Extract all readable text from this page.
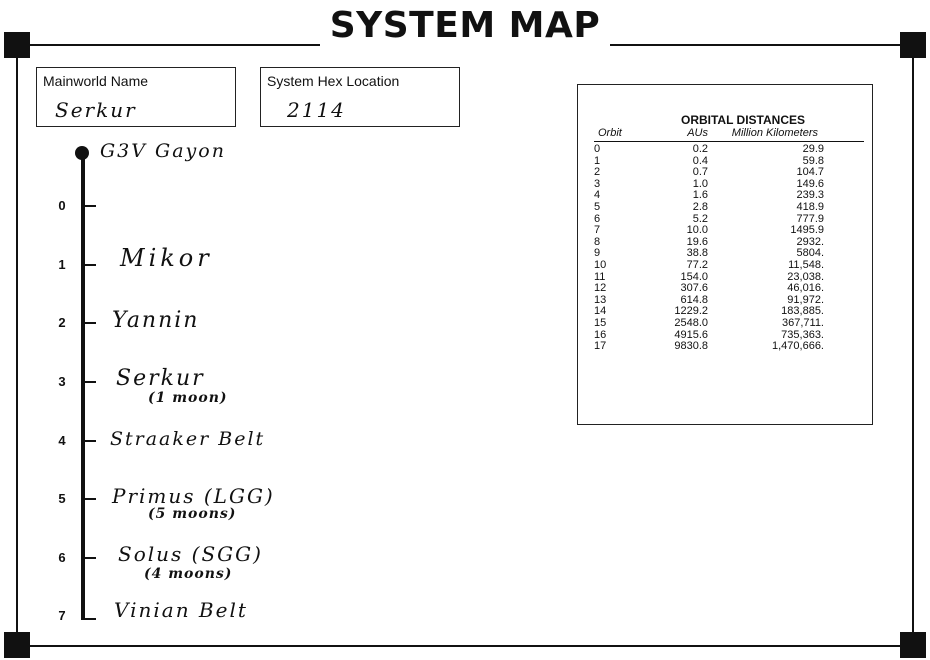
SYSTEM MAP
Mainworld Name
Serkur
System Hex Location
2114
G3V Gayon
0
1 Mikor
2 Yannin
3 Serkur
(1 moon)
4 Straaker Belt
5 Primus (LGG)
(5 moons)
6	Solus (SGG)
(4 moons)
7 Vinian Belt
ORBITAL DISTANCES
Orbit	AUs	Million Kilometers
0	0.2	29.9
1	0.4	59.8
2	0.7	104.7
3	1.0	149.6
4	1.6	239.3
5	2.8	418.9
6	5.2	777.9
7	10.0	1495.9
8	19.6	2932.
9	38.8	5804.
10	77.2	11,548.
11	154.0	23,038.
12	307.6	46,016.
13	614.8	91,972.
14	1229.2	183,885.
15	2548.0	367,711.
16	4915.6	735,363.
17	9830.8	1,470,666.
